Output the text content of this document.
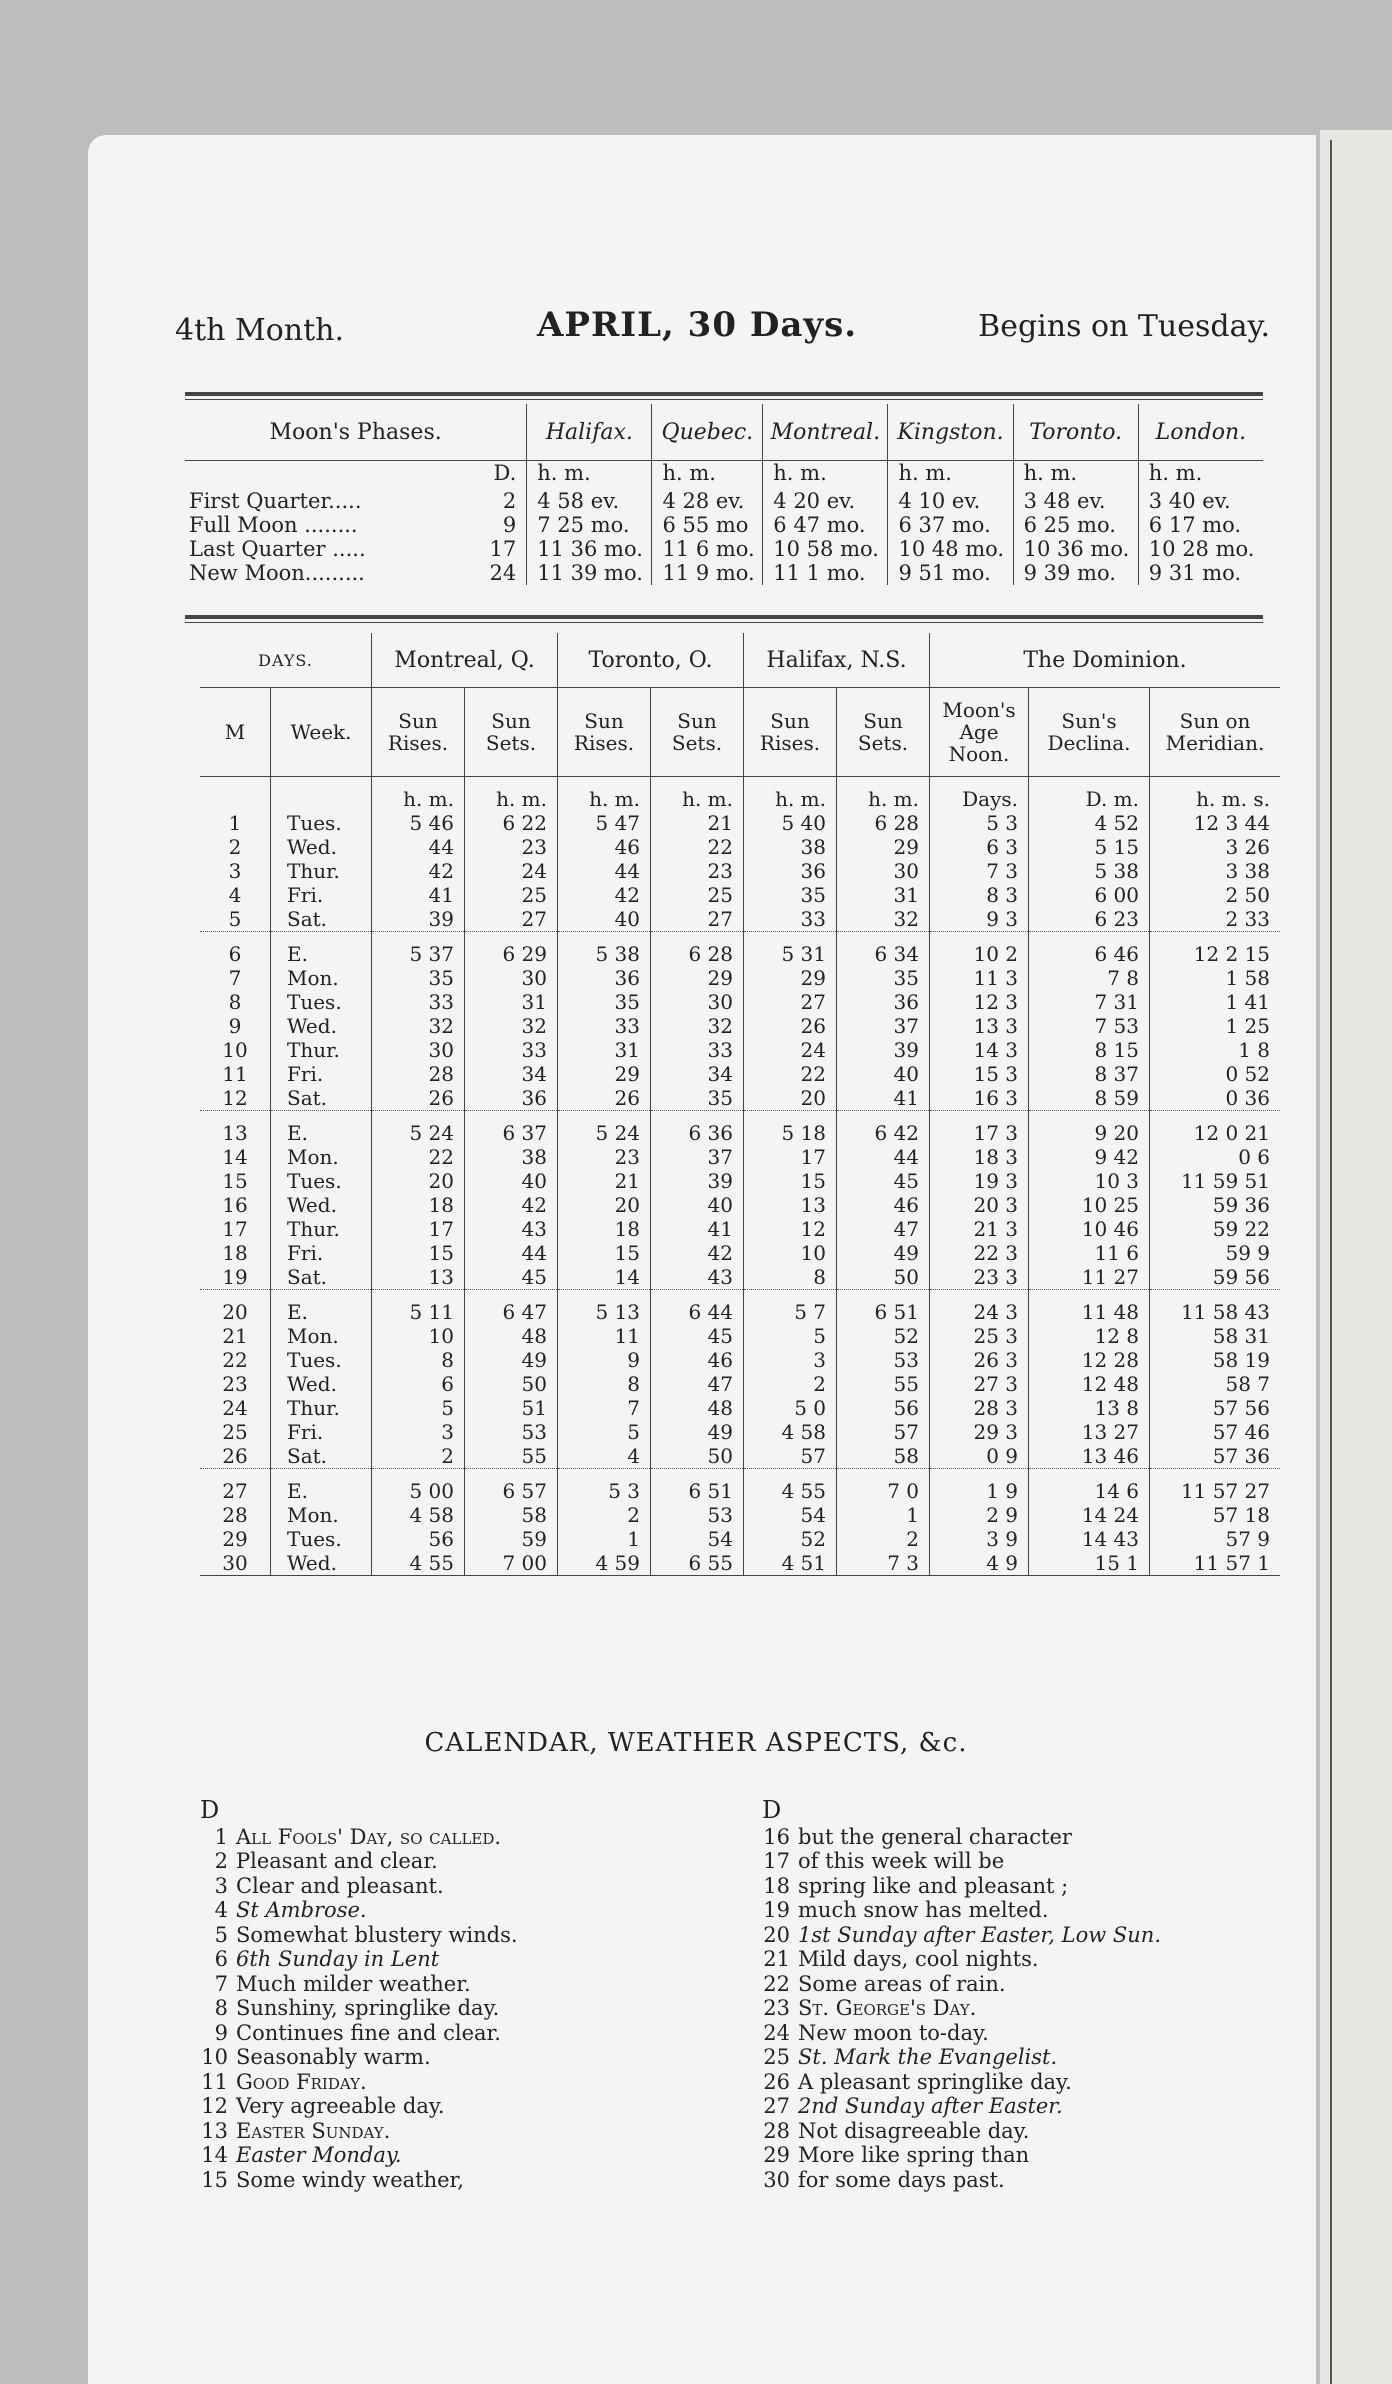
4th Month.	APRIL, 30 Days.	Begins on Tuesday.
Moon's Phases.		Halifax.	Quebec.	Montreal.	Kingston.	Toronto.	London.
	D.	h. m.	h. m.	h. m.	h. m.	h. m.	h. m.
First Quarter.....	2	4 58 ev.	4 28 ev.	4 20 ev.	4 10 ev.	3 48 ev.	3 40 ev.
Full Moon ........	9	7 25 mo.	6 55 mo	6 47 mo.	6 37 mo.	6 25 mo.	6 17 mo.
Last Quarter .....	17	11 36 mo.	11 6 mo.	10 58 mo.	10 48 mo.	10 36 mo.	10 28 mo.
New Moon.........	24	11 39 mo.	11 9 mo.	11 1 mo.	9 51 mo.	9 39 mo.	9 31 mo.
DAYS.		Montreal, Q.		Toronto, O.		Halifax, N.S.		The Dominion.		
M	Week.	Sun Rises.	Sun Sets.	Sun Rises.	Sun Sets.	Sun Rises.	Sun Sets.	Moon's Age Noon.	Sun's Declina.	Sun on Meridian.
		h. m.	h. m.	h. m.	h. m.	h. m.	h. m.	Days.	D. m.	h. m. s.
1	Tues.	5 46	6 22	5 47	21	5 40	6 28	5 3	4 52	12 3 44
2	Wed.	44	23	46	22	38	29	6 3	5 15	3 26
3	Thur.	42	24	44	23	36	30	7 3	5 38	3 38
4	Fri.	41	25	42	25	35	31	8 3	6 00	2 50
5	Sat.	39	27	40	27	33	32	9 3	6 23	2 33
6	E.	5 37	6 29	5 38	6 28	5 31	6 34	10 2	6 46	12 2 15
7	Mon.	35	30	36	29	29	35	11 3	7 8	1 58
8	Tues.	33	31	35	30	27	36	12 3	7 31	1 41
9	Wed.	32	32	33	32	26	37	13 3	7 53	1 25
10	Thur.	30	33	31	33	24	39	14 3	8 15	1 8
11	Fri.	28	34	29	34	22	40	15 3	8 37	0 52
12	Sat.	26	36	26	35	20	41	16 3	8 59	0 36
13	E.	5 24	6 37	5 24	6 36	5 18	6 42	17 3	9 20	12 0 21
14	Mon.	22	38	23	37	17	44	18 3	9 42	0 6
15	Tues.	20	40	21	39	15	45	19 3	10 3	11 59 51
16	Wed.	18	42	20	40	13	46	20 3	10 25	59 36
17	Thur.	17	43	18	41	12	47	21 3	10 46	59 22
18	Fri.	15	44	15	42	10	49	22 3	11 6	59 9
19	Sat.	13	45	14	43	8	50	23 3	11 27	59 56
20	E.	5 11	6 47	5 13	6 44	5 7	6 51	24 3	11 48	11 58 43
21	Mon.	10	48	11	45	5	52	25 3	12 8	58 31
22	Tues.	8	49	9	46	3	53	26 3	12 28	58 19
23	Wed.	6	50	8	47	2	55	27 3	12 48	58 7
24	Thur.	5	51	7	48	5 0	56	28 3	13 8	57 56
25	Fri.	3	53	5	49	4 58	57	29 3	13 27	57 46
26	Sat.	2	55	4	50	57	58	0 9	13 46	57 36
27	E.	5 00	6 57	5 3	6 51	4 55	7 0	1 9	14 6	11 57 27
28	Mon.	4 58	58	2	53	54	1	2 9	14 24	57 18
29	Tues.	56	59	1	54	52	2	3 9	14 43	57 9
30	Wed.	4 55	7 00	4 59	6 55	4 51	7 3	4 9	15 1	11 57 1
CALENDAR, WEATHER ASPECTS, &c.
D
1 All Fools' Day, so called.
2 Pleasant and clear.
3 Clear and pleasant.
4 St Ambrose.
5 Somewhat blustery winds.
6 6th Sunday in Lent
7 Much milder weather.
8 Sunshiny, springlike day.
9 Continues fine and clear.
10 Seasonably warm.
11 Good Friday.
12 Very agreeable day.
13 Easter Sunday.
14 Easter Monday.
15 Some windy weather,
D
16 but the general character
17 of this week will be
18 spring like and pleasant ;
19 much snow has melted.
20 1st Sunday after Easter, Low Sun.
21 Mild days, cool nights.
22 Some areas of rain.
23 St. George's Day.
24 New moon to-day.
25 St. Mark the Evangelist.
26 A pleasant springlike day.
27 2nd Sunday after Easter.
28 Not disagreeable day.
29 More like spring than
30 for some days past.
